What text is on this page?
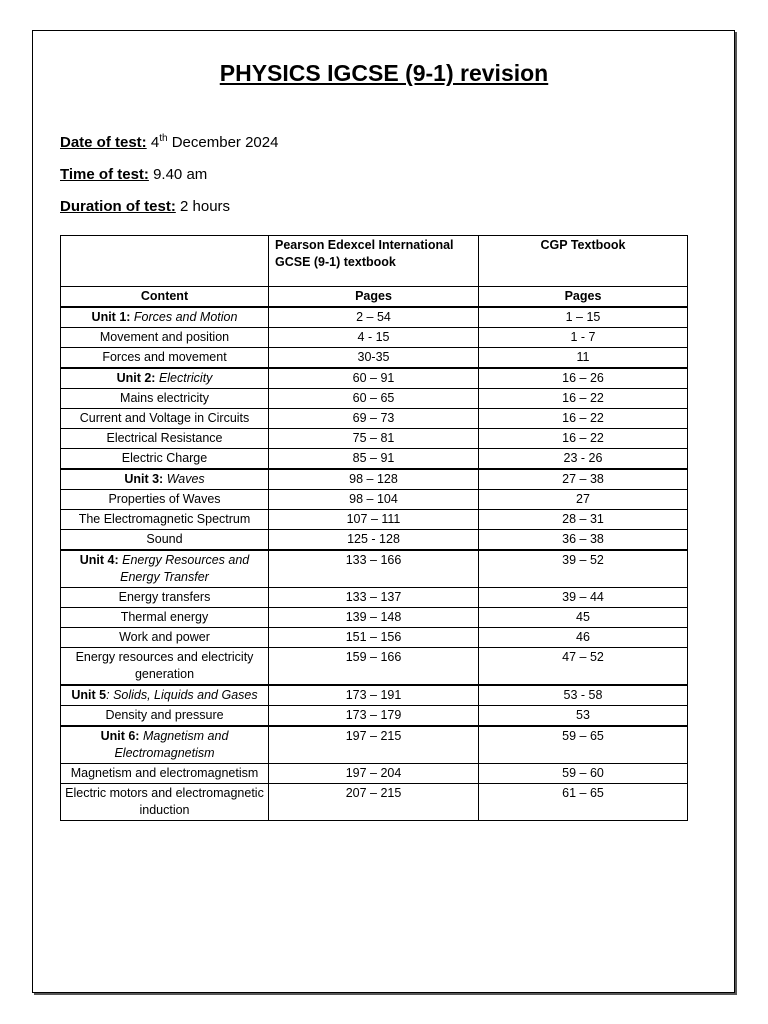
PHYSICS IGCSE (9-1) revision
Date of test: 4th December 2024
Time of test: 9.40 am
Duration of test: 2 hours
	Pearson Edexcel International GCSE (9-1) textbook	CGP Textbook
Content	Pages	Pages
Unit 1: Forces and Motion	2 – 54	1 – 15
Movement and position	4 - 15	1 - 7
Forces and movement	30-35	11
Unit 2: Electricity	60 – 91	16 – 26
Mains electricity	60 – 65	16 – 22
Current and Voltage in Circuits	69 – 73	16 – 22
Electrical Resistance	75 – 81	16 – 22
Electric Charge	85 – 91	23 - 26
Unit 3: Waves	98 – 128	27 – 38
Properties of Waves	98 – 104	27
The Electromagnetic Spectrum	107 – 111	28 – 31
Sound	125 - 128	36 – 38
Unit 4: Energy Resources and Energy Transfer	133 – 166	39 – 52
Energy transfers	133 – 137	39 – 44
Thermal energy	139 – 148	45
Work and power	151 – 156	46
Energy resources and electricity generation	159 – 166	47 – 52
Unit 5: Solids, Liquids and Gases	173 – 191	53 - 58
Density and pressure	173 – 179	53
Unit 6: Magnetism and Electromagnetism	197 – 215	59 – 65
Magnetism and electromagnetism	197 – 204	59 – 60
Electric motors and electromagnetic induction	207 – 215	61 – 65
